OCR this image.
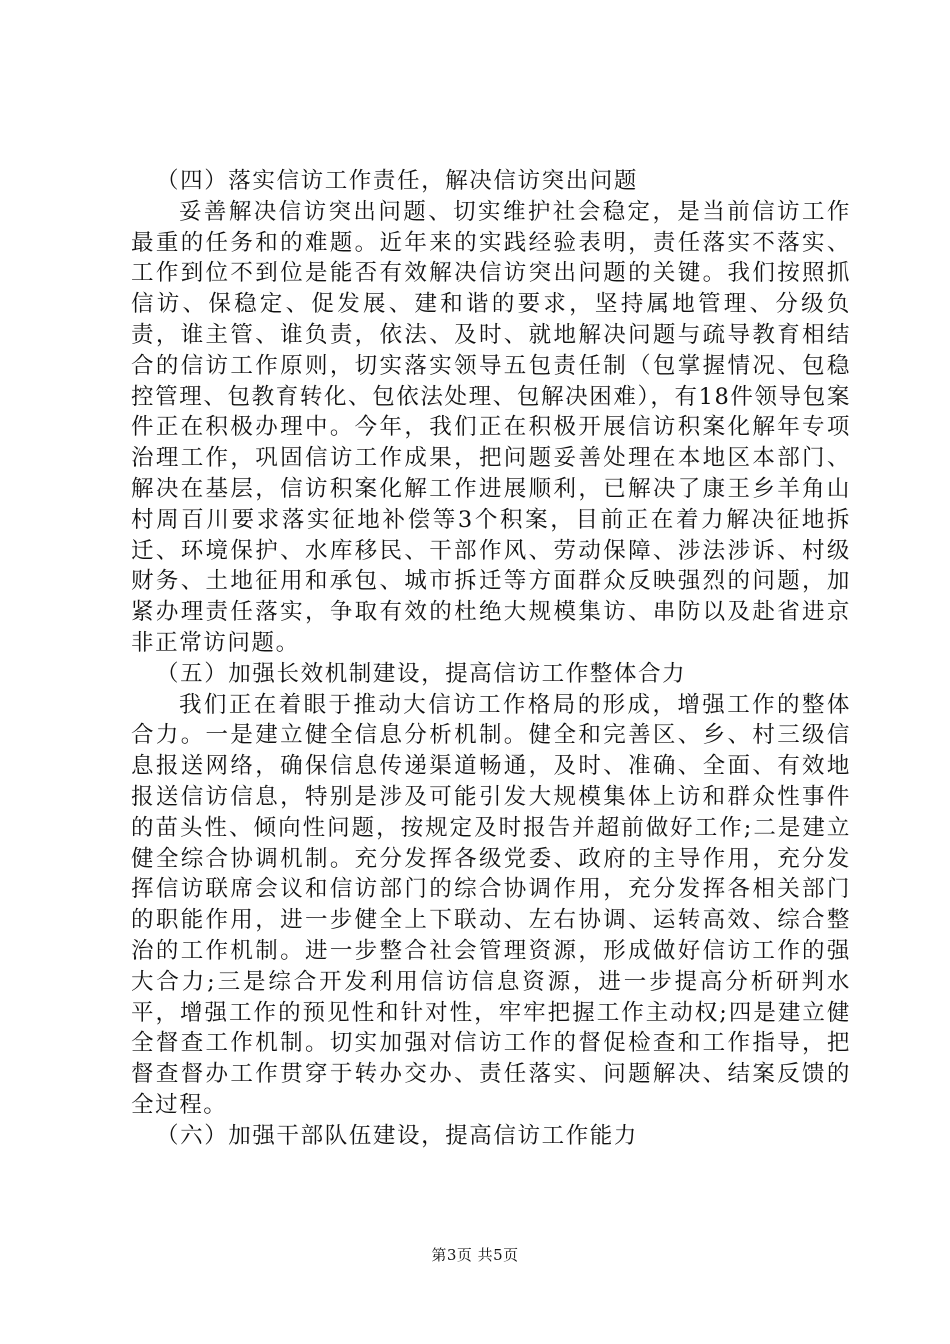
（四）落实信访工作责任，解决信访突出问题

妥善解决信访突出问题、切实维护社会稳定，是当前信访工作最重的任务和的难题。近年来的实践经验表明，责任落实不落实、工作到位不到位是能否有效解决信访突出问题的关键。我们按照抓信访、保稳定、促发展、建和谐的要求，坚持属地管理、分级负责，谁主管、谁负责，依法、及时、就地解决问题与疏导教育相结合的信访工作原则，切实落实领导五包责任制（包掌握情况、包稳控管理、包教育转化、包依法处理、包解决困难），有18件领导包案件正在积极办理中。今年，我们正在积极开展信访积案化解年专项治理工作，巩固信访工作成果，把问题妥善处理在本地区本部门、解决在基层，信访积案化解工作进展顺利，已解决了康王乡羊角山村周百川要求落实征地补偿等3个积案，目前正在着力解决征地拆迁、环境保护、水库移民、干部作风、劳动保障、涉法涉诉、村级财务、土地征用和承包、城市拆迁等方面群众反映强烈的问题，加紧办理责任落实，争取有效的杜绝大规模集访、串防以及赴省进京非正常访问题。

（五）加强长效机制建设，提高信访工作整体合力

我们正在着眼于推动大信访工作格局的形成，增强工作的整体合力。一是建立健全信息分析机制。健全和完善区、乡、村三级信息报送网络，确保信息传递渠道畅通，及时、准确、全面、有效地报送信访信息，特别是涉及可能引发大规模集体上访和群众性事件的苗头性、倾向性问题，按规定及时报告并超前做好工作;二是建立健全综合协调机制。充分发挥各级党委、政府的主导作用，充分发挥信访联席会议和信访部门的综合协调作用，充分发挥各相关部门的职能作用，进一步健全上下联动、左右协调、运转高效、综合整治的工作机制。进一步整合社会管理资源，形成做好信访工作的强大合力;三是综合开发利用信访信息资源，进一步提高分析研判水平，增强工作的预见性和针对性，牢牢把握工作主动权;四是建立健全督查工作机制。切实加强对信访工作的督促检查和工作指导，把督查督办工作贯穿于转办交办、责任落实、问题解决、结案反馈的全过程。

（六）加强干部队伍建设，提高信访工作能力

第3页 共5页
